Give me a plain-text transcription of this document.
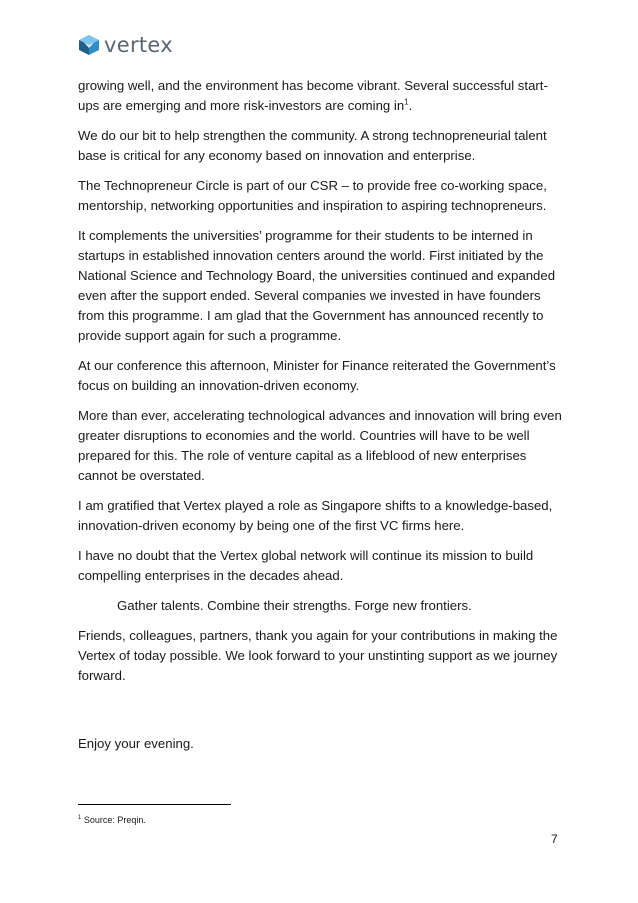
vertex

growing well, and the environment has become vibrant. Several successful start-ups are emerging and more risk-investors are coming $in^1$.

We do our bit to help strengthen the community. A strong technopreneurial talent base is critical for any economy based on innovation and enterprise.

The Technopreneur Circle is part of our CSR – to provide free co-working space, mentorship, networking opportunities and inspiration to aspiring technopreneurs.

It complements the universities’ programme for their students to be interned in startups in established innovation centers around the world. First initiated by the National Science and Technology Board, the universities continued and expanded even after the support ended. Several companies we invested in have founders from this programme. I am glad that the Government has announced recently to provide support again for such a programme.

At our conference this afternoon, Minister for Finance reiterated the Government’s focus on building an innovation-driven economy.

More than ever, accelerating technological advances and innovation will bring even greater disruptions to economies and the world. Countries will have to be well prepared for this. The role of venture capital as a lifeblood of new enterprises cannot be overstated.

I am gratified that Vertex played a role as Singapore shifts to a knowledge-based, innovation-driven economy by being one of the first VC firms here.

I have no doubt that the Vertex global network will continue its mission to build compelling enterprises in the decades ahead.

Gather talents. Combine their strengths. Forge new frontiers.

Friends, colleagues, partners, thank you again for your contributions in making the Vertex of today possible. We look forward to your unstinting support as we journey forward.

Enjoy your evening.

$^1$ Source: Preqin.
7
